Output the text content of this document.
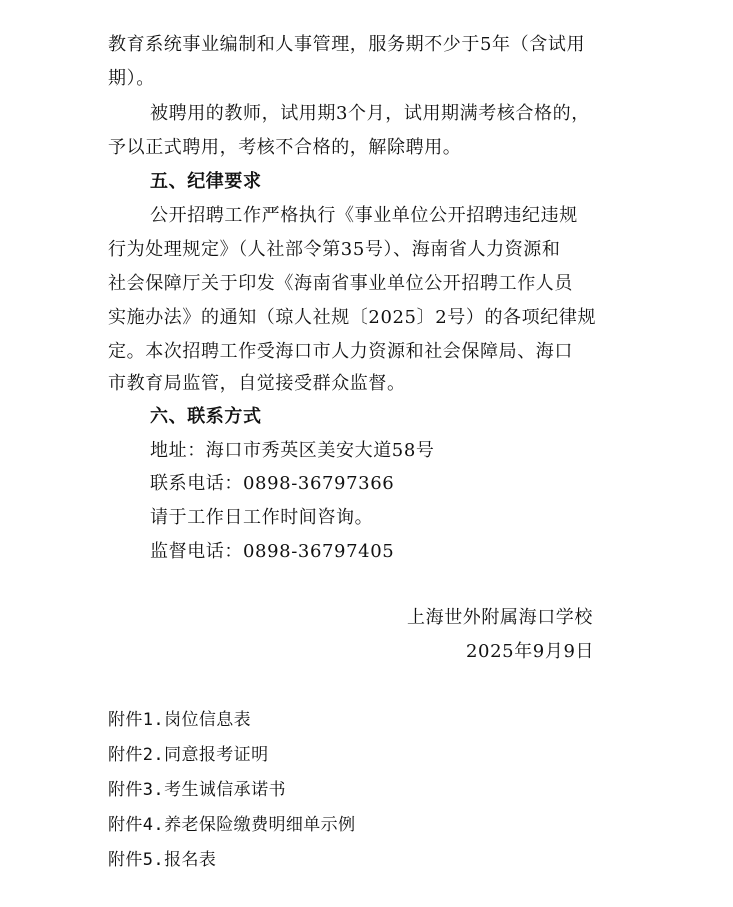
教育系统事业编制和人事管理，服务期不少于5年（含试用
期）。
被聘用的教师，试用期3个月，试用期满考核合格的，
予以正式聘用，考核不合格的，解除聘用。
五、纪律要求
公开招聘工作严格执行《事业单位公开招聘违纪违规
行为处理规定》（人社部令第35号）、海南省人力资源和
社会保障厅关于印发《海南省事业单位公开招聘工作人员
实施办法》的通知（琼人社规〔2025〕2号）的各项纪律规
定。本次招聘工作受海口市人力资源和社会保障局、海口
市教育局监管，自觉接受群众监督。
六、联系方式
地址：海口市秀英区美安大道58号
联系电话：0898-36797366
请于工作日工作时间咨询。
监督电话：0898-36797405
上海世外附属海口学校
2025年9月9日
附件1.岗位信息表
附件2.同意报考证明
附件3.考生诚信承诺书
附件4.养老保险缴费明细单示例
附件5.报名表
